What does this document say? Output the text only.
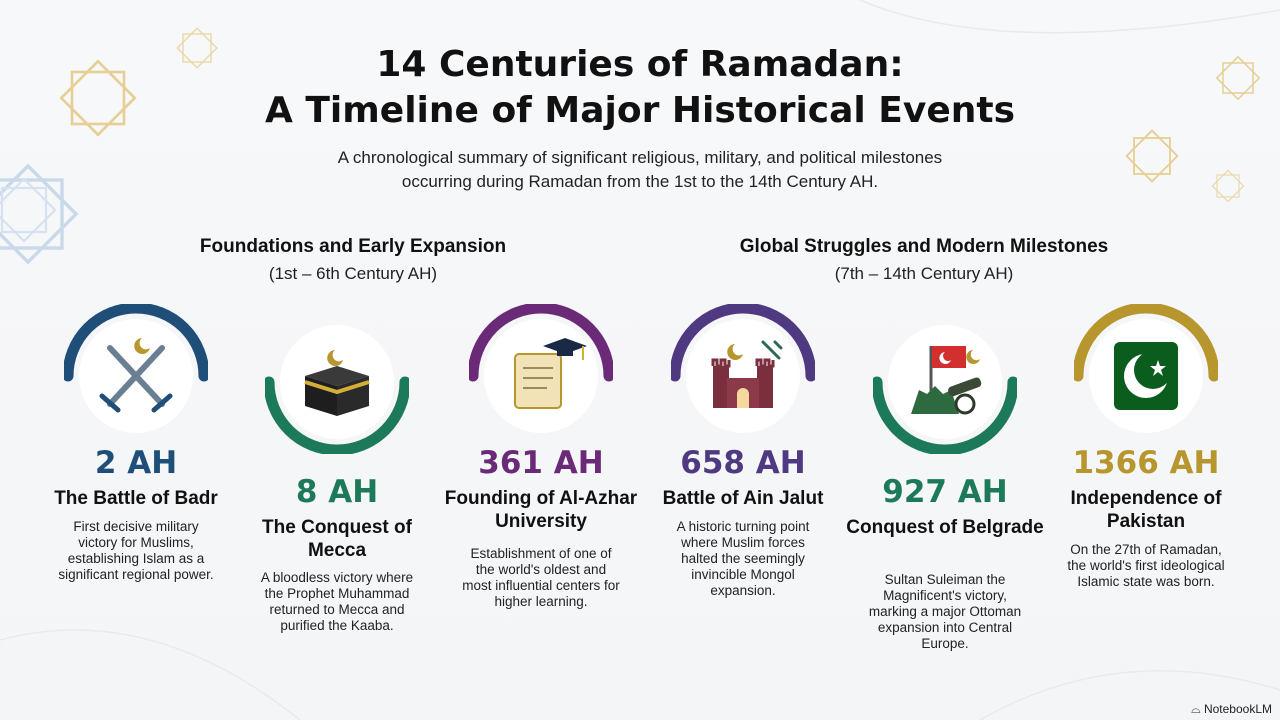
14 Centuries of Ramadan:
A Timeline of Major Historical Events
A chronological summary of significant religious, military, and political milestones
occurring during Ramadan from the 1st to the 14th Century AH.
Foundations and Early Expansion
(1st – 6th Century AH)
Global Struggles and Modern Milestones
(7th – 14th Century AH)
2 AH
The Battle of Badr
First decisive military victory for Muslims, establishing Islam as a significant regional power.
8 AH
The Conquest of Mecca
A bloodless victory where the Prophet Muhammad returned to Mecca and purified the Kaaba.
361 AH
Founding of Al-Azhar University
Establishment of one of the world's oldest and most influential centers for higher learning.
658 AH
Battle of Ain Jalut
A historic turning point where Muslim forces halted the seemingly invincible Mongol expansion.
927 AH
Conquest of Belgrade
Sultan Suleiman the Magnificent's victory, marking a major Ottoman expansion into Central Europe.
1366 AH
Independence of Pakistan
On the 27th of Ramadan, the world's first ideological Islamic state was born.
⌓ NotebookLM
